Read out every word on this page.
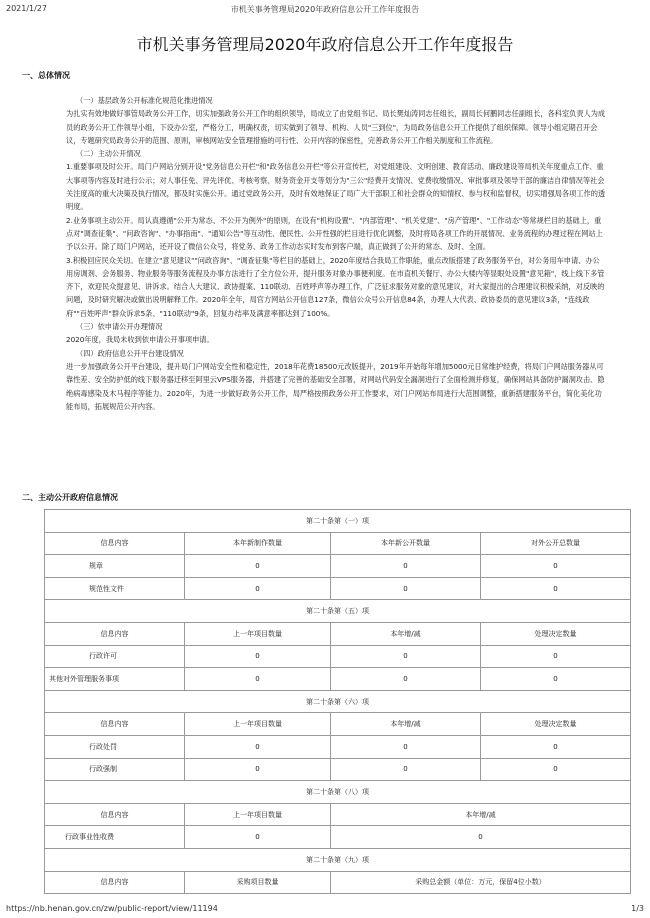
2021/1/27	市机关事务管理局2020年政府信息公开工作年度报告
市机关事务管理局2020年政府信息公开工作年度报告
一、总体情况

（一）基层政务公开标准化规范化推进情况

为扎实有效地做好事管局政务公开工作，切实加强政务公开工作的组织领导，局成立了由党组书记、局长樊灿涛同志任组长，副局长何鹏同志任副组长，各科室负责人为成员的政务公开工作领导小组，下设办公室，严格分工，明确权责，切实做到了领导、机构、人员"三到位"，为局政务信息公开工作提供了组织保障。领导小组定期召开会议，专题研究局政务公开的范围、原则，审核网站安全管理措施的可行性、公开内容的保密性，完善政务公开工作相关制度和工作流程。

（二）主动公开情况

1.重要事项及时公开。局门户网站分别开设"党务信息公开栏"和"政务信息公开栏"等公开宣传栏，对党组建设、文明创建、教育活动、廉政建设等局机关年度重点工作、重大事项等内容及时进行公示；对人事任免、评先评优、考核考察、财务资金开支等划分为"三公"经费开支情况、党费收缴情况、审批事项及领导干部的廉洁自律情况等社会关注度高的重大决策及执行情况，都及时实施公开。通过党政务公开，及时有效地保证了局广大干部职工和社会群众的知情权、参与权和监督权，切实增强局各项工作的透明度。

2.业务事项主动公开。局认真遵循"公开为常态、不公开为例外"的原则，在设有"机构设置"、"内部管理"、"机关党建"、"房产管理"、"工作动态"等常规栏目的基础上，重点对"调查征集"、"问政咨询"、"办事指南"、"通知公告"等互动性、便民性、公开性强的栏目进行优化调整，及时将局各项工作的开展情况、业务流程的办理过程在网站上予以公开。除了局门户网站，还开设了微信公众号，将党务、政务工作动态实时发布到客户端，真正做到了公开的常态、及时、全面。

3.积极回应民众关切。在建立"意见建议""问政咨询"、"调查征集"等栏目的基础上，2020年度结合我局工作职能，重点改版搭建了政务服务平台，对公务用车申请、办公用房调剂、会务服务、物业服务等服务流程及办事方法进行了全方位公开，提升服务对象办事便利度。在市直机关餐厅、办公大楼内等显眼处设置"意见箱"，线上线下多管齐下，欢迎民众提意见、讲诉求。结合人大建议、政协提案、110联动、百姓呼声等办理工作，广泛征求服务对象的意见建议，对大家提出的合理建议积极采纳，对反映的问题，及时研究解决或做出说明解释工作。2020年全年，局官方网站公开信息127条，微信公众号公开信息84条，办理人大代表、政协委员的意见建议3条，"连线政府""百姓呼声"群众诉求5条、"110联动"9条，回复办结率及满意率都达到了100%。

（三）依申请公开办理情况

2020年度，我局未收到依申请公开事项申请。

（四）政府信息公开平台建设情况

进一步加强政务公开平台建设，提升局门户网站安全性和稳定性，2018年花费18500元改版提升，2019年开始每年增加5000元日常维护经费，将局门户网站服务器从可靠性差、安全防护低的线下服务器迁移至阿里云VPS服务器，并搭建了完善的基础安全部署，对网站代码安全漏洞进行了全面检测并修复，确保网站具备防护漏洞攻击、隐绝病毒感染及木马程序等能力。2020年，为进一步做好政务公开工作，局严格按照政务公开工作要求，对门户网站布局进行大范围调整，重新搭建服务平台，简化美化功能布局，拓展规范公开内容。

二、主动公开政府信息情况
第二十条第（一）项			
信息内容	本年新制作数量	本年新公开数量	对外公开总数量
规章	0	0	0
规范性文件	0	0	0
第二十条第（五）项			
信息内容	上一年项目数量	本年增/减	处理决定数量
行政许可	0	0	0
其他对外管理服务事项	0	0	0
第二十条第（六）项			
信息内容	上一年项目数量	本年增/减	处理决定数量
行政处罚	0	0	0
行政强制	0	0	0
第二十条第（八）项			
信息内容	上一年项目数量	本年增/减	
行政事业性收费	0	0	
第二十条第（九）项			
信息内容	采购项目数量	采购总金额（单位：万元，保留4位小数）	
https://nb.henan.gov.cn/zw/public-report/view/11194	1/3
